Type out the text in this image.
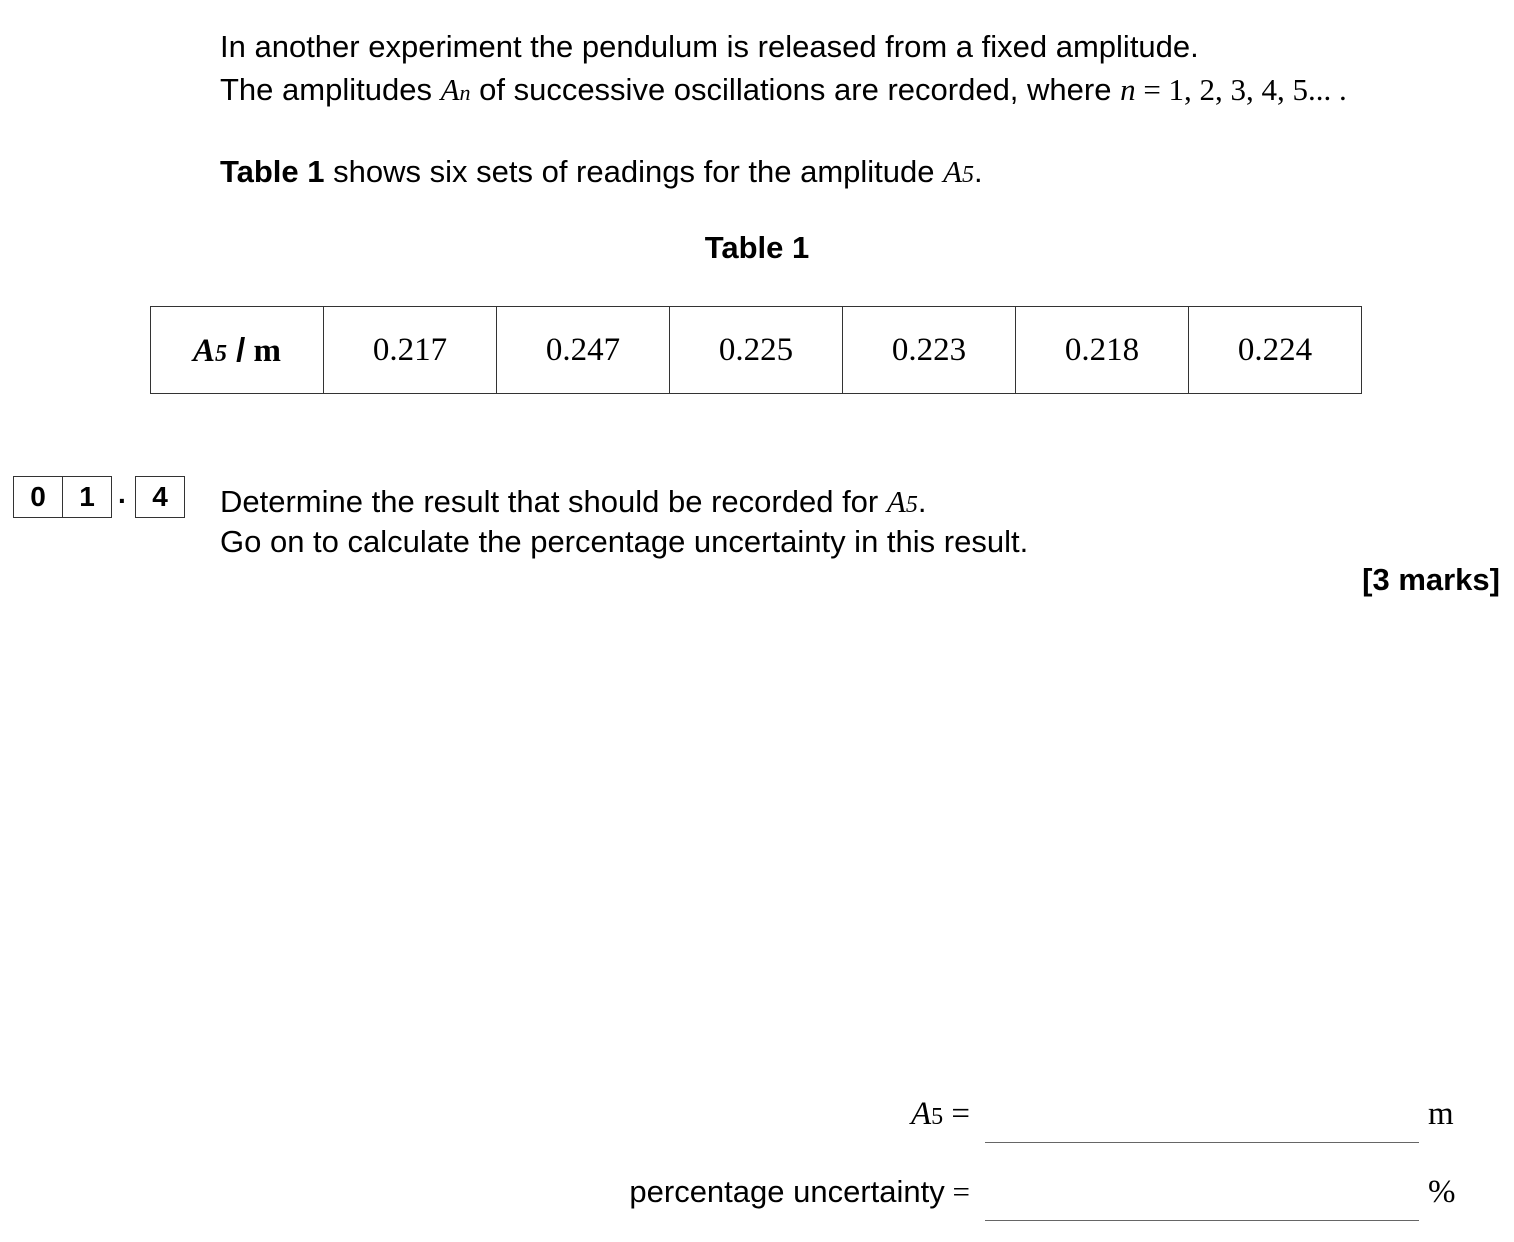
In another experiment the pendulum is released from a fixed amplitude.
The amplitudes An of successive oscillations are recorded, where n = 1, 2, 3, 4, 5... .
Table 1 shows six sets of readings for the amplitude A5.
Table 1
A5 / m	0.217	0.247	0.225	0.223	0.218	0.224
0	1 . 4	Determine the result that should be recorded for A5.
Go on to calculate the percentage uncertainty in this result.
[3 marks]
A5 =	m
percentage uncertainty =	%
